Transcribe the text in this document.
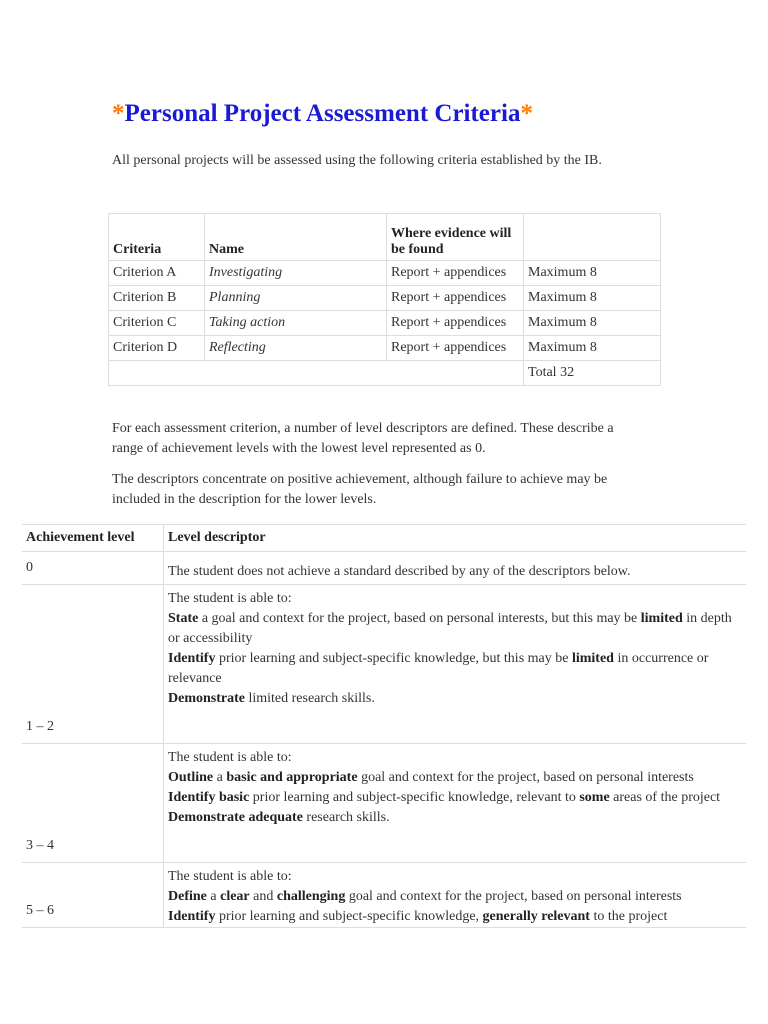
*Personal Project Assessment Criteria*

All personal projects will be assessed using the following criteria established by the IB.

Criteria	Name	Where evidence will be found	
Criterion A	Investigating	Report + appendices	Maximum 8
Criterion B	Planning	Report + appendices	Maximum 8
Criterion C	Taking action	Report + appendices	Maximum 8
Criterion D	Reflecting	Report + appendices	Maximum 8
			Total 32

For each assessment criterion, a number of level descriptors are defined. These describe a range of achievement levels with the lowest level represented as 0.

The descriptors concentrate on positive achievement, although failure to achieve may be included in the description for the lower levels.

Achievement level	Level descriptor
0	The student does not achieve a standard described by any of the descriptors below.

1 – 2	The student is able to:
State a goal and context for the project, based on personal interests, but this may be limited in depth or accessibility
Identify prior learning and subject-specific knowledge, but this may be limited in occurrence or relevance
Demonstrate limited research skills.

3 – 4	The student is able to:
Outline a basic and appropriate goal and context for the project, based on personal interests
Identify basic prior learning and subject-specific knowledge, relevant to some areas of the project
Demonstrate adequate research skills.

5 – 6	The student is able to:
Define a clear and challenging goal and context for the project, based on personal interests
Identify prior learning and subject-specific knowledge, generally relevant to the project
